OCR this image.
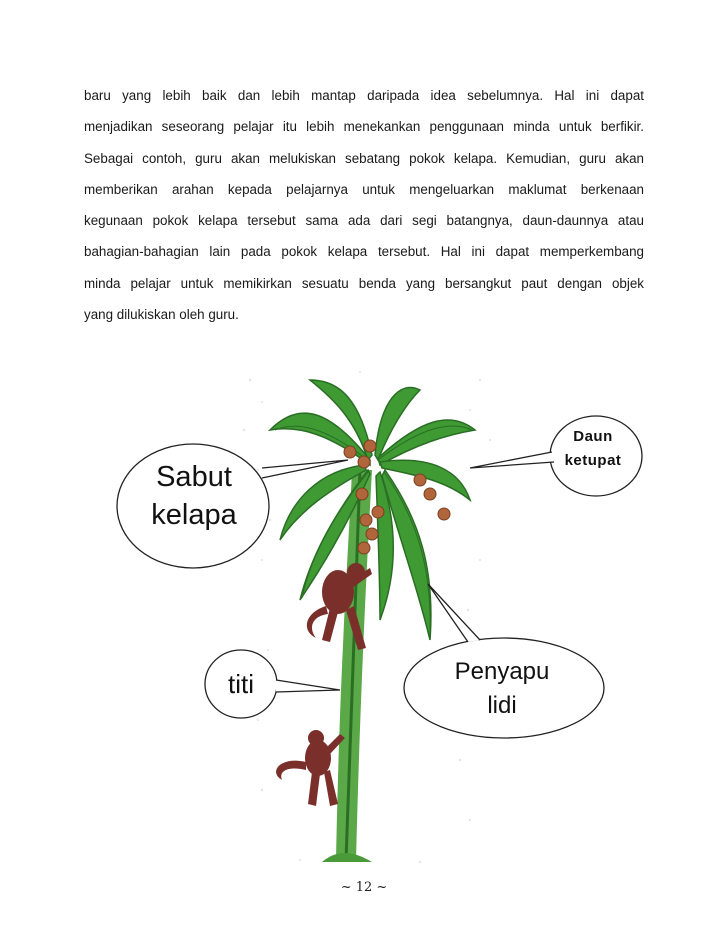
baru yang lebih baik dan lebih mantap daripada idea sebelumnya. Hal ini dapat
menjadikan seseorang pelajar itu lebih menekankan penggunaan minda untuk berfikir.
Sebagai contoh, guru akan melukiskan sebatang pokok kelapa. Kemudian, guru akan
memberikan arahan kepada pelajarnya untuk mengeluarkan maklumat berkenaan
kegunaan pokok kelapa tersebut sama ada dari segi batangnya, daun-daunnya atau
bahagian-bahagian lain pada pokok kelapa tersebut. Hal ini dapat memperkembang
minda pelajar untuk memikirkan sesuatu benda yang bersangkut paut dengan objek
yang dilukiskan oleh guru.
Sabut
kelapa
Daun
ketupat
titi	Penyapu
lidi
~ 12 ~
